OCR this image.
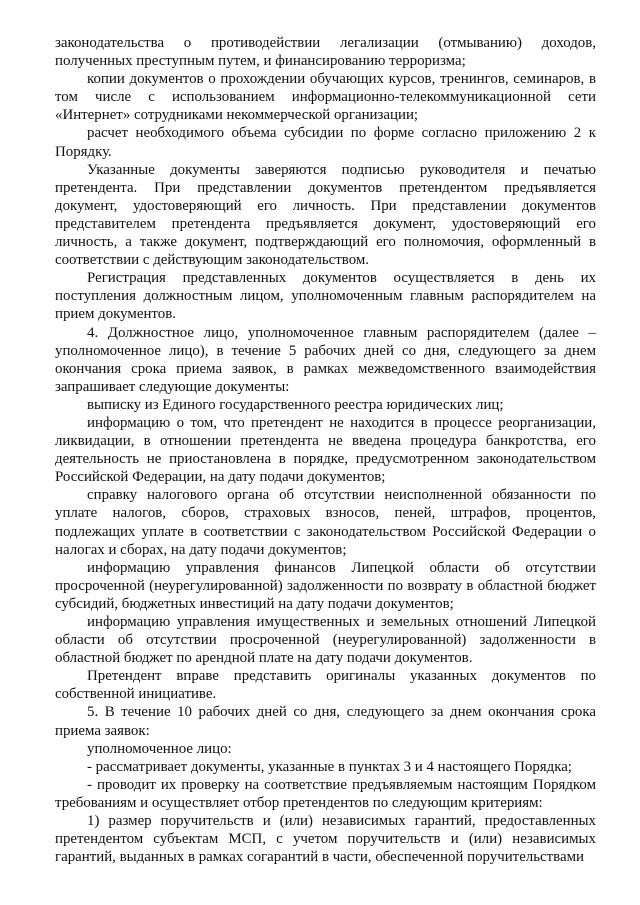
законодательства о противодействии легализации (отмыванию) доходов, полученных преступным путем, и финансированию терроризма;

копии документов о прохождении обучающих курсов, тренингов, семинаров, в том числе с использованием информационно-телекоммуникационной сети «Интернет» сотрудниками некоммерческой организации;

расчет необходимого объема субсидии по форме согласно приложению 2 к Порядку.

Указанные документы заверяются подписью руководителя и печатью претендента. При представлении документов претендентом предъявляется документ, удостоверяющий его личность. При представлении документов представителем претендента предъявляется документ, удостоверяющий его личность, а также документ, подтверждающий его полномочия, оформленный в соответствии с действующим законодательством.

Регистрация представленных документов осуществляется в день их поступления должностным лицом, уполномоченным главным распорядителем на прием документов.

4. Должностное лицо, уполномоченное главным распорядителем (далее – уполномоченное лицо), в течение 5 рабочих дней со дня, следующего за днем окончания срока приема заявок, в рамках межведомственного взаимодействия запрашивает следующие документы:

выписку из Единого государственного реестра юридических лиц;

информацию о том, что претендент не находится в процессе реорганизации, ликвидации, в отношении претендента не введена процедура банкротства, его деятельность не приостановлена в порядке, предусмотренном законодательством Российской Федерации, на дату подачи документов;

справку налогового органа об отсутствии неисполненной обязанности по уплате налогов, сборов, страховых взносов, пеней, штрафов, процентов, подлежащих уплате в соответствии с законодательством Российской Федерации о налогах и сборах, на дату подачи документов;

информацию управления финансов Липецкой области об отсутствии просроченной (неурегулированной) задолженности по возврату в областной бюджет субсидий, бюджетных инвестиций на дату подачи документов;

информацию управления имущественных и земельных отношений Липецкой области об отсутствии просроченной (неурегулированной) задолженности в областной бюджет по арендной плате на дату подачи документов.

Претендент вправе представить оригиналы указанных документов по собственной инициативе.

5. В течение 10 рабочих дней со дня, следующего за днем окончания срока приема заявок:

уполномоченное лицо:

- рассматривает документы, указанные в пунктах 3 и 4 настоящего Порядка;

- проводит их проверку на соответствие предъявляемым настоящим Порядком требованиям и осуществляет отбор претендентов по следующим критериям:

1) размер поручительств и (или) независимых гарантий, предоставленных претендентом субъектам МСП, с учетом поручительств и (или) независимых гарантий, выданных в рамках согарантий в части, обеспеченной поручительствами
